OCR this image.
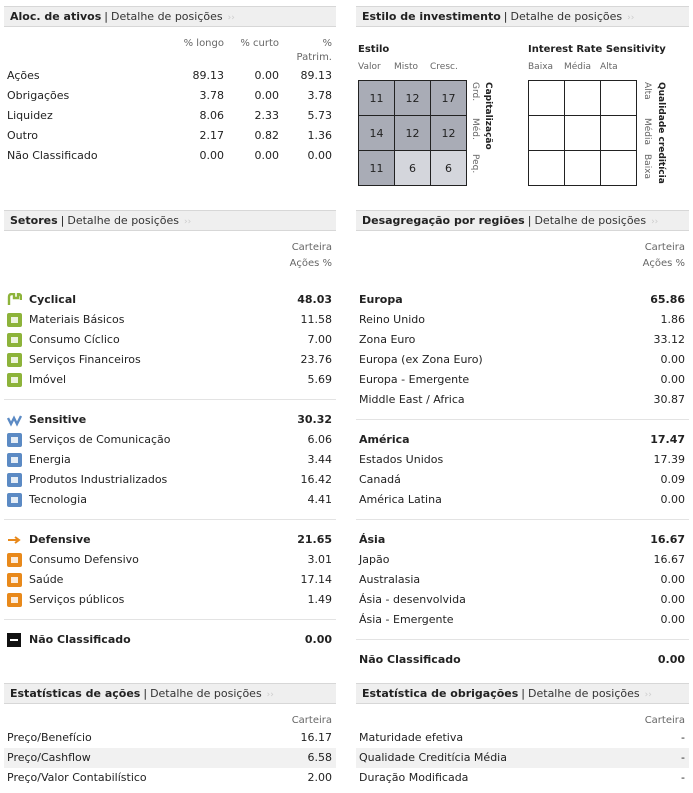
Aloc. de ativos | Detalhe de posições ››
% longo	% curto	%
Patrim.
Ações	89.13	0.00	89.13
Obrigações	3.78	0.00	3.78
Liquidez	8.06	2.33	5.73
Outro	2.17	0.82	1.36
Não Classificado	0.00	0.00	0.00
Estilo de investimento | Detalhe de posições ››
Estilo
Valor Misto Cresc.
11	12	17
14	12	12
11	6	6
Grd.
Méd.
Peq.
Capitalização
Interest Rate Sensitivity
Baixa Média Alta

Alta
Média
Baixa Qualidade creditícia
Setores | Detalhe de posições ››
Carteira
Ações %
Cyclical	48.03
Materiais Básicos	11.58
Consumo Cíclico	7.00
Serviços Financeiros	23.76
Imóvel	5.69
Sensitive	30.32
Serviços de Comunicação	6.06
Energia	3.44
Produtos Industrializados	16.42
Tecnologia	4.41
Defensive	21.65
Consumo Defensivo	3.01
Saúde	17.14
Serviços públicos	1.49
Não Classificado	0.00
Desagregação por regiões | Detalhe de posições ››
Carteira
Ações %
Europa	65.86
Reino Unido	1.86
Zona Euro	33.12
Europa (ex Zona Euro)	0.00
Europa - Emergente	0.00
Middle East / Africa	30.87
América	17.47
Estados Unidos	17.39
Canadá	0.09
América Latina	0.00
Ásia	16.67
Japão	16.67
Australasia	0.00
Ásia - desenvolvida	0.00
Ásia - Emergente	0.00
Não Classificado	0.00
Estatísticas de ações | Detalhe de posições ››
Carteira
Preço/Benefício	16.17
Preço/Cashflow	6.58
Preço/Valor Contabilístico	2.00
Estatística de obrigações | Detalhe de posições ››
Carteira
Maturidade efetiva	-
Qualidade Creditícia Média	-
Duração Modificada	-
